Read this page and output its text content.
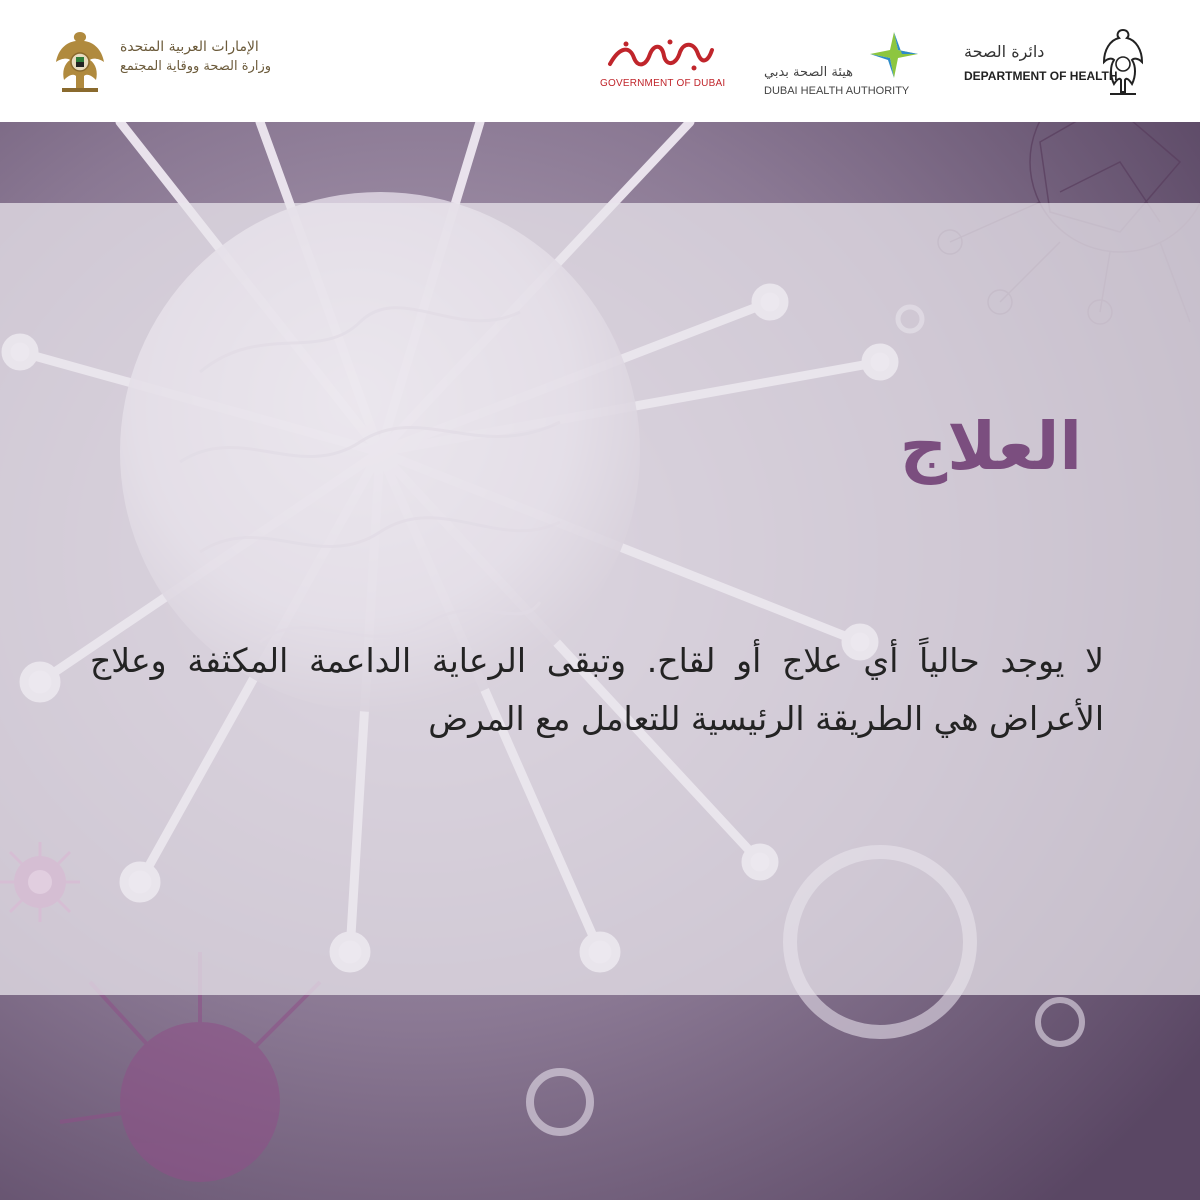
الإمارات العربية المتحدة
وزارة الصحة ووقاية المجتمع
GOVERNMENT OF DUBAI
هيئة الصحة بدبي
DUBAI HEALTH AUTHORITY
دائرة الصحة
DEPARTMENT OF HEALTH
العلاج

لا يوجد حالياً أي علاج أو لقاح. وتبقى الرعاية الداعمة المكثفة وعلاج الأعراض هي الطريقة الرئيسية للتعامل مع المرض
